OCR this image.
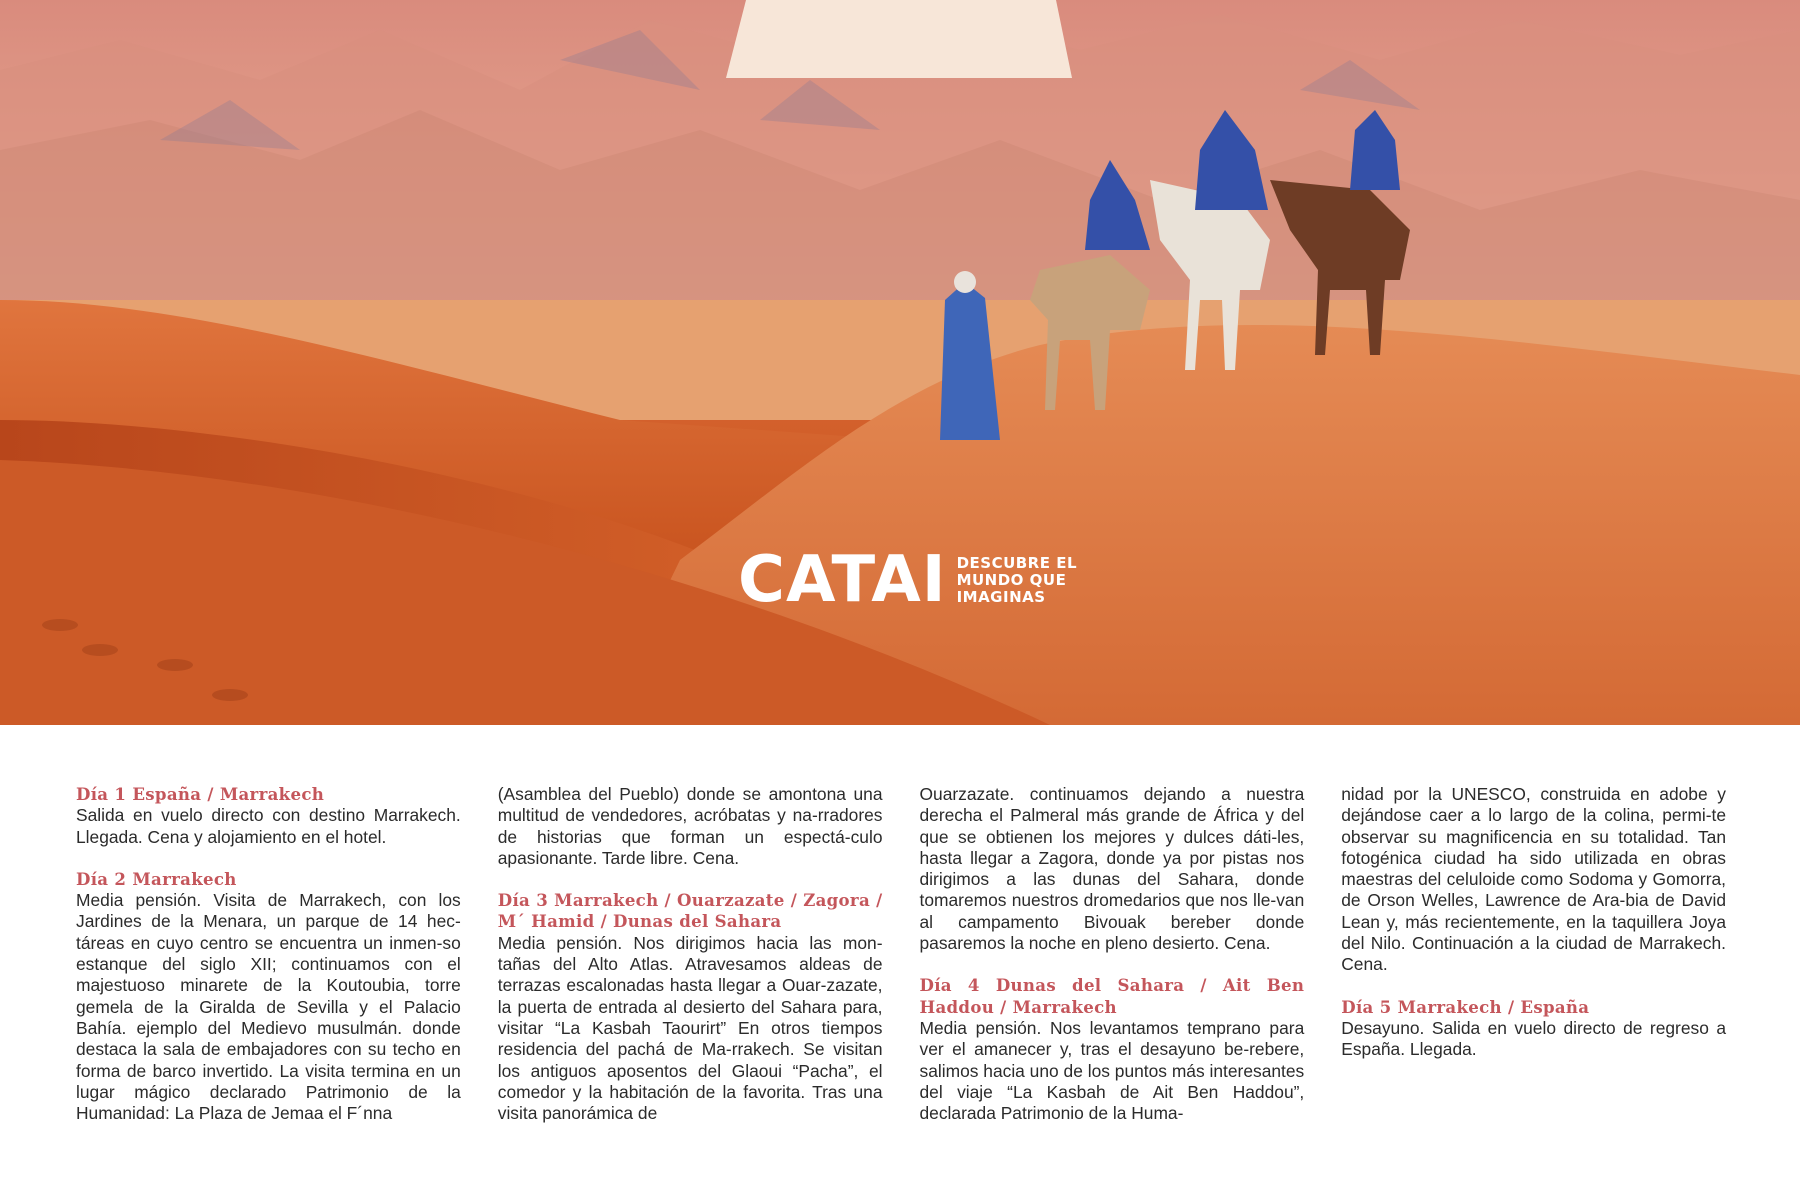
CATAI DESCUBRE EL
MUNDO QUE
IMAGINAS
Día 1 España / Marrakech
Salida en vuelo directo con destino Marrakech. Llegada. Cena y alojamiento en el hotel.
Día 2 Marrakech
Media pensión. Visita de Marrakech, con los Jardines de la Menara, un parque de 14 hec-táreas en cuyo centro se encuentra un inmen-so estanque del siglo XII; continuamos con el majestuoso minarete de la Koutoubia, torre gemela de la Giralda de Sevilla y el Palacio Bahía. ejemplo del Medievo musulmán. donde destaca la sala de embajadores con su techo en forma de barco invertido. La visita termina en un lugar mágico declarado Patrimonio de la Humanidad: La Plaza de Jemaa el F´nna
(Asamblea del Pueblo) donde se amontona una multitud de vendedores, acróbatas y na-rradores de historias que forman un espectá-culo apasionante. Tarde libre. Cena.
Día 3 Marrakech / Ouarzazate / Zagora / M´ Hamid / Dunas del Sahara
Media pensión. Nos dirigimos hacia las mon-tañas del Alto Atlas. Atravesamos aldeas de terrazas escalonadas hasta llegar a Ouar-zazate, la puerta de entrada al desierto del Sahara para, visitar “La Kasbah Taourirt” En otros tiempos residencia del pachá de Ma-rrakech. Se visitan los antiguos aposentos del Glaoui “Pacha”, el comedor y la habitación de la favorita. Tras una visita panorámica de
Ouarzazate. continuamos dejando a nuestra derecha el Palmeral más grande de África y del que se obtienen los mejores y dulces dáti-les, hasta llegar a Zagora, donde ya por pistas nos dirigimos a las dunas del Sahara, donde tomaremos nuestros dromedarios que nos lle-van al campamento Bivouak bereber donde pasaremos la noche en pleno desierto. Cena.
Día 4 Dunas del Sahara / Ait Ben Haddou / Marrakech
Media pensión. Nos levantamos temprano para ver el amanecer y, tras el desayuno be-rebere, salimos hacia uno de los puntos más interesantes del viaje “La Kasbah de Ait Ben Haddou”, declarada Patrimonio de la Huma-
nidad por la UNESCO, construida en adobe y dejándose caer a lo largo de la colina, permi-te observar su magnificencia en su totalidad. Tan fotogénica ciudad ha sido utilizada en obras maestras del celuloide como Sodoma y Gomorra, de Orson Welles, Lawrence de Ara-bia de David Lean y, más recientemente, en la taquillera Joya del Nilo. Continuación a la ciudad de Marrakech. Cena.
Día 5 Marrakech / España
Desayuno. Salida en vuelo directo de regreso a España. Llegada.
